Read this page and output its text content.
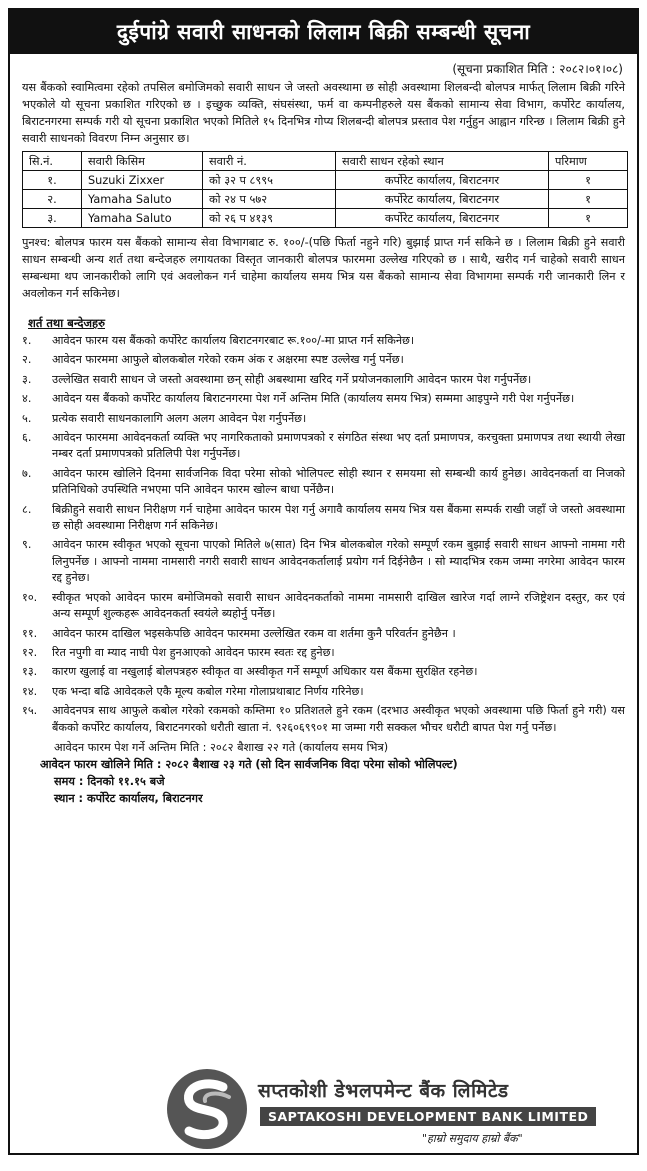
दुईपांग्रे सवारी साधनको लिलाम बिक्री सम्बन्धी सूचना
(सूचना प्रकाशित मिति : २०८२।०१।०८)

यस बैंकको स्वामित्वमा रहेको तपसिल बमोजिमको सवारी साधन जे जस्तो अवस्थामा छ सोही अवस्थामा शिलबन्दी बोलपत्र मार्फत् लिलाम बिक्री गरिने भएकोले यो सूचना प्रकाशित गरिएको छ । इच्छुक व्यक्ति, संघसंस्था, फर्म वा कम्पनीहरुले यस बैंकको सामान्य सेवा विभाग, कर्पोरेट कार्यालय, बिराटनगरमा सम्पर्क गरी यो सूचना प्रकाशित भएको मितिले १५ दिनभित्र गोप्य शिलबन्दी बोलपत्र प्रस्ताव पेश गर्नुहुन आह्वान गरिन्छ । लिलाम बिक्री हुने सवारी साधनको विवरण निम्न अनुसार छ।

सि.नं.	सवारी किसिम	सवारी नं.	सवारी साधन रहेको स्थान	परिमाण
१.	Suzuki Zixxer	को ३२ प ८९९५	कर्पोरेट कार्यालय, बिराटनगर	१
२.	Yamaha Saluto	को २४ प ५७२	कर्पोरेट कार्यालय, बिराटनगर	१
३.	Yamaha Saluto	को २६ प ४१३९	कर्पोरेट कार्यालय, बिराटनगर	१

पुनश्च: बोलपत्र फारम यस बैंकको सामान्य सेवा विभागबाट रु. १००/-(पछि फिर्ता नहुने गरि) बुझाई प्राप्त गर्न सकिने छ । लिलाम बिक्री हुने सवारी साधन सम्बन्धी अन्य शर्त तथा बन्देजहरु लगायतका विस्तृत जानकारी बोलपत्र फारममा उल्लेख गरिएको छ । साथै, खरीद गर्न चाहेको सवारी साधन सम्बन्धमा थप जानकारीको लागि एवं अवलोकन गर्न चाहेमा कार्यालय समय भित्र यस बैंकको सामान्य सेवा विभागमा सम्पर्क गरी जानकारी लिन र अवलोकन गर्न सकिनेछ।

शर्त तथा बन्देजहरु
१.	आवेदन फारम यस बैंकको कर्पोरेट कार्यालय बिराटनगरबाट रू.१००/-मा प्राप्त गर्न सकिनेछ।
२.	आवेदन फारममा आफुले बोलकबोल गरेको रकम अंक र अक्षरमा स्पष्ट उल्लेख गर्नु पर्नेछ।
३.	उल्लेखित सवारी साधन जे जस्तो अवस्थामा छन् सोही अबस्थामा खरिद गर्ने प्रयोजनकालागि आवेदन फारम पेश गर्नुपर्नेछ।
४.	आवेदन यस बैंकको कर्पोरेट कार्यालय बिराटनगरमा पेश गर्ने अन्तिम मिति (कार्यालय समय भित्र) सम्ममा आइपुग्ने गरी पेश गर्नुपर्नेछ।
५.	प्रत्येक सवारी साधनकालागि अलग अलग आवेदन पेश गर्नुपर्नेछ।
६.	आवेदन फारममा आवेदनकर्ता व्यक्ति भए नागरिकताको प्रमाणपत्रको र संगठित संस्था भए दर्ता प्रमाणपत्र, करचुक्ता प्रमाणपत्र तथा स्थायी लेखा नम्बर दर्ता प्रमाणपत्रको प्रतिलिपी पेश गर्नुपर्नेछ।
७.	आवेदन फारम खोलिने दिनमा सार्वजनिक विदा परेमा सोको भोलिपल्ट सोही स्थान र समयमा सो सम्बन्धी कार्य हुनेछ। आवेदनकर्ता वा निजको प्रतिनिधिको उपस्थिति नभएमा पनि आवेदन फारम खोल्न बाधा पर्नेछैन।
८.	बिक्रीहुने सवारी साधन निरीक्षण गर्न चाहेमा आवेदन फारम पेश गर्नु अगावै कार्यालय समय भित्र यस बैंकमा सम्पर्क राखी जहाँ जे जस्तो अवस्थामा छ सोही अवस्थामा निरीक्षण गर्न सकिनेछ।
९.	आवेदन फारम स्वीकृत भएको सूचना पाएको मितिले ७(सात) दिन भित्र बोलकबोल गरेको सम्पूर्ण रकम बुझाई सवारी साधन आफ्नो नाममा गरी लिनुपर्नेछ । आफ्नो नाममा नामसारी नगरी सवारी साधन आवेदनकर्तालाई प्रयोग गर्न दिईनेछैन । सो म्यादभित्र रकम जम्मा नगरेमा आवेदन फारम रद्द हुनेछ।
१०.	स्वीकृत भएको आवेदन फारम बमोजिमको सवारी साधन आवेदनकर्ताको नाममा नामसारी दाखिल खारेज गर्दा लाग्ने रजिष्ट्रेशन दस्तुर, कर एवं अन्य सम्पूर्ण शुल्कहरू आवेदनकर्ता स्वयंले ब्यहोर्नु पर्नेछ।
११.	आवेदन फारम दाखिल भइसकेपछि आवेदन फारममा उल्लेखित रकम वा शर्तमा कुनै परिवर्तन हुनेछैन ।
१२.	रित नपुगी वा म्याद नाघी पेश हुनआएको आवेदन फारम स्वतः रद्द हुनेछ।
१३.	कारण खुलाई वा नखुलाई बोलपत्रहरु स्वीकृत वा अस्वीकृत गर्ने सम्पूर्ण अधिकार यस बैंकमा सुरक्षित रहनेछ।
१४.	एक भन्दा बढि आवेदकले एकै मूल्य कबोल गरेमा गोलाप्रथाबाट निर्णय गरिनेछ।
१५.	आवेदनपत्र साथ आफुले कबोल गरेको रकमको कम्तिमा १० प्रतिशतले हुने रकम (दरभाउ अस्वीकृत भएको अवस्थामा पछि फिर्ता हुने गरी) यस बैंकको कर्पोरेट कार्यालय, बिराटनगरको धरौती खाता नं. ९२६०६९९०१ मा जम्मा गरी सक्कल भौचर धरौटी बापत पेश गर्नु पर्नेछ।
आवेदन फारम पेश गर्ने अन्तिम मिति : २०८२ बैशाख २२ गते (कार्यालय समय भित्र)
आवेदन फारम खोलिने मिति : २०८२ बैशाख २३ गते (सो दिन सार्वजनिक विदा परेमा सोको भोलिपल्ट)
समय : दिनको ११.१५ बजे
स्थान : कर्पोरेट कार्यालय, बिराटनगर
सप्तकोशी डेभलपमेन्ट बैंक लिमिटेड
SAPTAKOSHI DEVELOPMENT BANK LIMITED
"हाम्रो समुदाय हाम्रो बैंक"
